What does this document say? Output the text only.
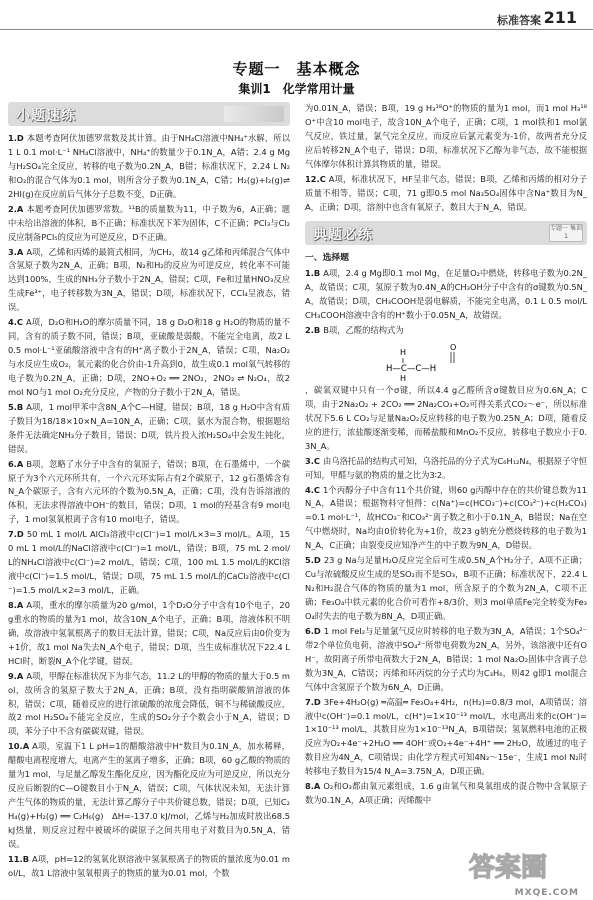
标准答案 211
专题一　基本概念
集训1　化学常用计量
小题速练
1.D 本题考查阿伏加德罗常数及其计算。由于NH₄Cl溶液中NH₄⁺水解，所以1 L 0.1 mol·L⁻¹ NH₄Cl溶液中，NH₄⁺的数量少于0.1N_A，A错；2.4 g Mg与H₂SO₄完全反应，转移的电子数为0.2N_A，B错；标准状况下，2.24 L N₂和O₂的混合气体为0.1 mol，则所含分子数为0.1N_A，C错；H₂(g)+I₂(g)⇌2HI(g)在反应前后气体分子总数不变，D正确。
2.A 本题考查阿伏加德罗常数。¹¹B的质量数为11，中子数为6，A正确；题中未给出溶液的体积，B不正确；标准状况下苯为固体，C不正确；PCl₃与Cl₂反应制备PCl₅的反应为可逆反应，D不正确。
3.A A项，乙烯和丙烯的最简式相同，为CH₂，故14 g乙烯和丙烯混合气体中含氢原子数为2N_A，正确；B项，N₂和H₂的反应为可逆反应，转化率不可能达到100%，生成的NH₃分子数小于2N_A，错误；C项，Fe和过量HNO₃反应生成Fe³⁺，电子转移数为3N_A，错误；D项，标准状况下，CCl₄呈液态，错误。
4.C A项，D₂O和H₂O的摩尔质量不同，18 g D₂O和18 g H₂O的物质的量不同，含有的质子数不同，错误；B项，亚硫酸是弱酸，不能完全电离，故2 L 0.5 mol·L⁻¹亚硫酸溶液中含有的H⁺离子数小于2N_A，错误；C项，Na₂O₂与水反应生成O₂，氧元素的化合价由-1升高到0，故生成0.1 mol氧气转移的电子数为0.2N_A，正确；D项，2NO+O₂ ══ 2NO₂，2NO₂ ⇌ N₂O₄，故2 mol NO与1 mol O₂充分反应，产物的分子数小于2N_A，错误。
5.B A项，1 mol甲苯中含8N_A个C—H键，错误；B项，18 g H₂O中含有质子数目为18/18×10×N_A=10N_A，正确；C项，氨水为混合物，根据题给条件无法确定NH₃分子数目，错误；D项，铁片投入浓H₂SO₄中会发生钝化，错误。
6.A B项，忽略了水分子中含有的氧原子，错误；B项，在石墨烯中，一个碳原子为3个六元环所共有，一个六元环实际占有2个碳原子，12 g石墨烯含有N_A个碳原子，含有六元环的个数为0.5N_A，正确；C项，没有告诉溶液的体积，无法求得溶液中OH⁻的数目，错误；D项，1 mol的羟基含有9 mol电子，1 mol氢氧根离子含有10 mol电子，错误。
7.D 50 mL 1 mol/L AlCl₃溶液中c(Cl⁻)=1 mol/L×3=3 mol/L。A项，150 mL 1 mol/L的NaCl溶液中c(Cl⁻)=1 mol/L，错误；B项，75 mL 2 mol/L的NH₄Cl溶液中c(Cl⁻)=2 mol/L，错误；C项，100 mL 1.5 mol/L的KCl溶液中c(Cl⁻)=1.5 mol/L，错误；D项，75 mL 1.5 mol/L的CaCl₂溶液中c(Cl⁻)=1.5 mol/L×2=3 mol/L，正确。
8.A A项，重水的摩尔质量为20 g/mol，1个D₂O分子中含有10个电子，20 g重水的物质的量为1 mol，故含10N_A个电子，正确；B项，溶液体积不明确，故溶液中氢氧根离子的数目无法计算，错误；C项，Na反应后由0价变为+1价，故1 mol Na失去N_A个电子，错误；D项，当生成标准状况下22.4 L HCl时，断裂N_A个化学键，错误。
9.A A项，甲醇在标准状况下为非气态，11.2 L的甲醇的物质的量大于0.5 mol，故所含的氢原子数大于2N_A，正确；B项，没有指明碳酸钠溶液的体积，错误；C项，随着反应的进行浓硫酸的浓度会降低，铜不与稀硫酸反应，故2 mol H₂SO₄不能完全反应，生成的SO₂分子个数会小于N_A，错误；D项，苯分子中不含有碳碳双键，错误。
10.A A项，室温下1 L pH=1的醋酸溶液中H⁺数目为0.1N_A，加水稀释，醋酸电离程度增大，电离产生的氢离子增多，正确；B项，60 g乙酸的物质的量为1 mol，与足量乙醇发生酯化反应，因为酯化反应为可逆反应，所以充分反应后断裂的C—O键数目小于N_A，错误；C项，气体状况未知，无法计算产生气体的物质的量，无法计算乙醇分子中共价键总数，错误；D项，已知C₂H₄(g)+H₂(g) ══ C₂H₆(g)　ΔH=-137.0 kJ/mol，乙烯与H₂加成时放出68.5 kJ热量，则反应过程中被破坏的碳原子之间共用电子对数目为0.5N_A，错误。
11.B A项，pH=12的氢氧化钡溶液中氢氧根离子的物质的量浓度为0.01 mol/L，故1 L溶液中氢氧根离子的物质的量为0.01 mol，个数
为0.01N_A，错误；B项，19 g H₃¹⁸O⁺的物质的量为1 mol，而1 mol H₃¹⁸O⁺中含10 mol电子，故含10N_A个电子，正确；C项，1 mol铁和1 mol氯气反应，铁过量，氯气完全反应，而反应后氯元素变为-1价，故两者充分反应后转移2N_A个电子，错误；D项，标准状况下乙醇为非气态，故不能根据气体摩尔体积计算其物质的量，错误。
12.C A项，标准状况下，HF呈非气态，错误；B项，乙烯和丙烯的相对分子质量不相等，错误；C项，71 g即0.5 mol Na₂SO₄固体中含Na⁺数目为N_A，正确；D项，溶剂中也含有氧原子，数目大于N_A，错误。
典题必练	专题一 集训1
一、选择题
1.B A项，2.4 g Mg即0.1 mol Mg，在足量O₂中燃烧，转移电子数为0.2N_A，故错误；C项，氢原子数为0.4N_A的CH₃OH分子中含有的σ键数为0.5N_A，故错误；D项，CH₃COOH是弱电解质，不能完全电离，0.1 L 0.5 mol/L CH₃COOH溶液中含有的H⁺数小于0.05N_A，故错误。
2.B B项，乙醛的结构式为
H
O
H—C—C—H
H
，碳氧双键中只有一个σ键，所以4.4 g乙醛所含σ键数目应为0.6N_A；C项，由于2Na₂O₂ + 2CO₂ ══ 2Na₂CO₃+O₂可得关系式CO₂～e⁻，所以标准状况下5.6 L CO₂与足量Na₂O₂反应转移的电子数为0.25N_A；D项，随着反应的进行，浓盐酸逐渐变稀，而稀盐酸和MnO₂不反应，转移电子数应小于0.3N_A。
3.C 由乌洛托品的结构式可知，乌洛托品的分子式为C₆H₁₂N₄，根据原子守恒可知，甲醛与氨的物质的量之比为3∶2。
4.C 1个丙醇分子中含有11个共价键，则60 g丙醇中存在的共价键总数为11N_A，A错误；根据物料守恒得：c(Na⁺)=c(HCO₃⁻)+c(CO₃²⁻)+c(H₂CO₃)=0.1 mol·L⁻¹，故HCO₃⁻和CO₃²⁻离子数之和小于0.1N_A，B错误；Na在空气中燃烧时，Na均由0价转化为+1价，故23 g钠充分燃烧转移的电子数为1N_A，C正确；由裂变反应知净产生的中子数为9N_A，D错误。
5.D 23 g Na与足量H₂O反应完全后可生成0.5N_A个H₂分子，A项不正确；Cu与浓硫酸反应生成的是SO₂而不是SO₃，B项不正确；标准状况下，22.4 L N₂和H₂混合气体的物质的量为1 mol，所含原子的个数为2N_A，C项不正确；Fe₃O₄中铁元素的化合价可看作+8/3价，则3 mol单质Fe完全转变为Fe₃O₄时失去的电子数为8N_A，D项正确。
6.D 1 mol FeI₂与足量氯气反应时转移的电子数为3N_A，A错误；1个SO₄²⁻带2个单位负电荷，溶液中SO₄²⁻所带电荷数为2N_A，另外，该溶液中还有OH⁻，故阴离子所带电荷数大于2N_A，B错误；1 mol Na₂O₂固体中含离子总数为3N_A，C错误；丙烯和环丙烷的分子式均为C₃H₆，则42 g即1 mol混合气体中含氢原子个数为6N_A，D正确。
7.D 3Fe+4H₂O(g) ═高温═ Fe₃O₄+4H₂，n(H₂)=0.8/3 mol，A项错误；溶液中c(OH⁻)=0.1 mol/L，c(H⁺)=1×10⁻¹³ mol/L，水电离出来的c(OH⁻)=1×10⁻¹³ mol/L，其数目应为1×10⁻¹³N_A，B项错误；氢氧燃料电池的正极反应为O₂+4e⁻+2H₂O ══ 4OH⁻或O₂+4e⁻+4H⁺ ══ 2H₂O，故通过的电子数目应为4N_A，C项错误；由化学方程式可知4N₂～15e⁻，生成1 mol N₂时转移电子数目为15/4 N_A=3.75N_A，D项正确。
8.A O₂和O₃都由氧元素组成，1.6 g由氧气和臭氧组成的混合物中含氧原子数为0.1N_A，A项正确；丙烯酸中
答案圈
MXQE.COM
